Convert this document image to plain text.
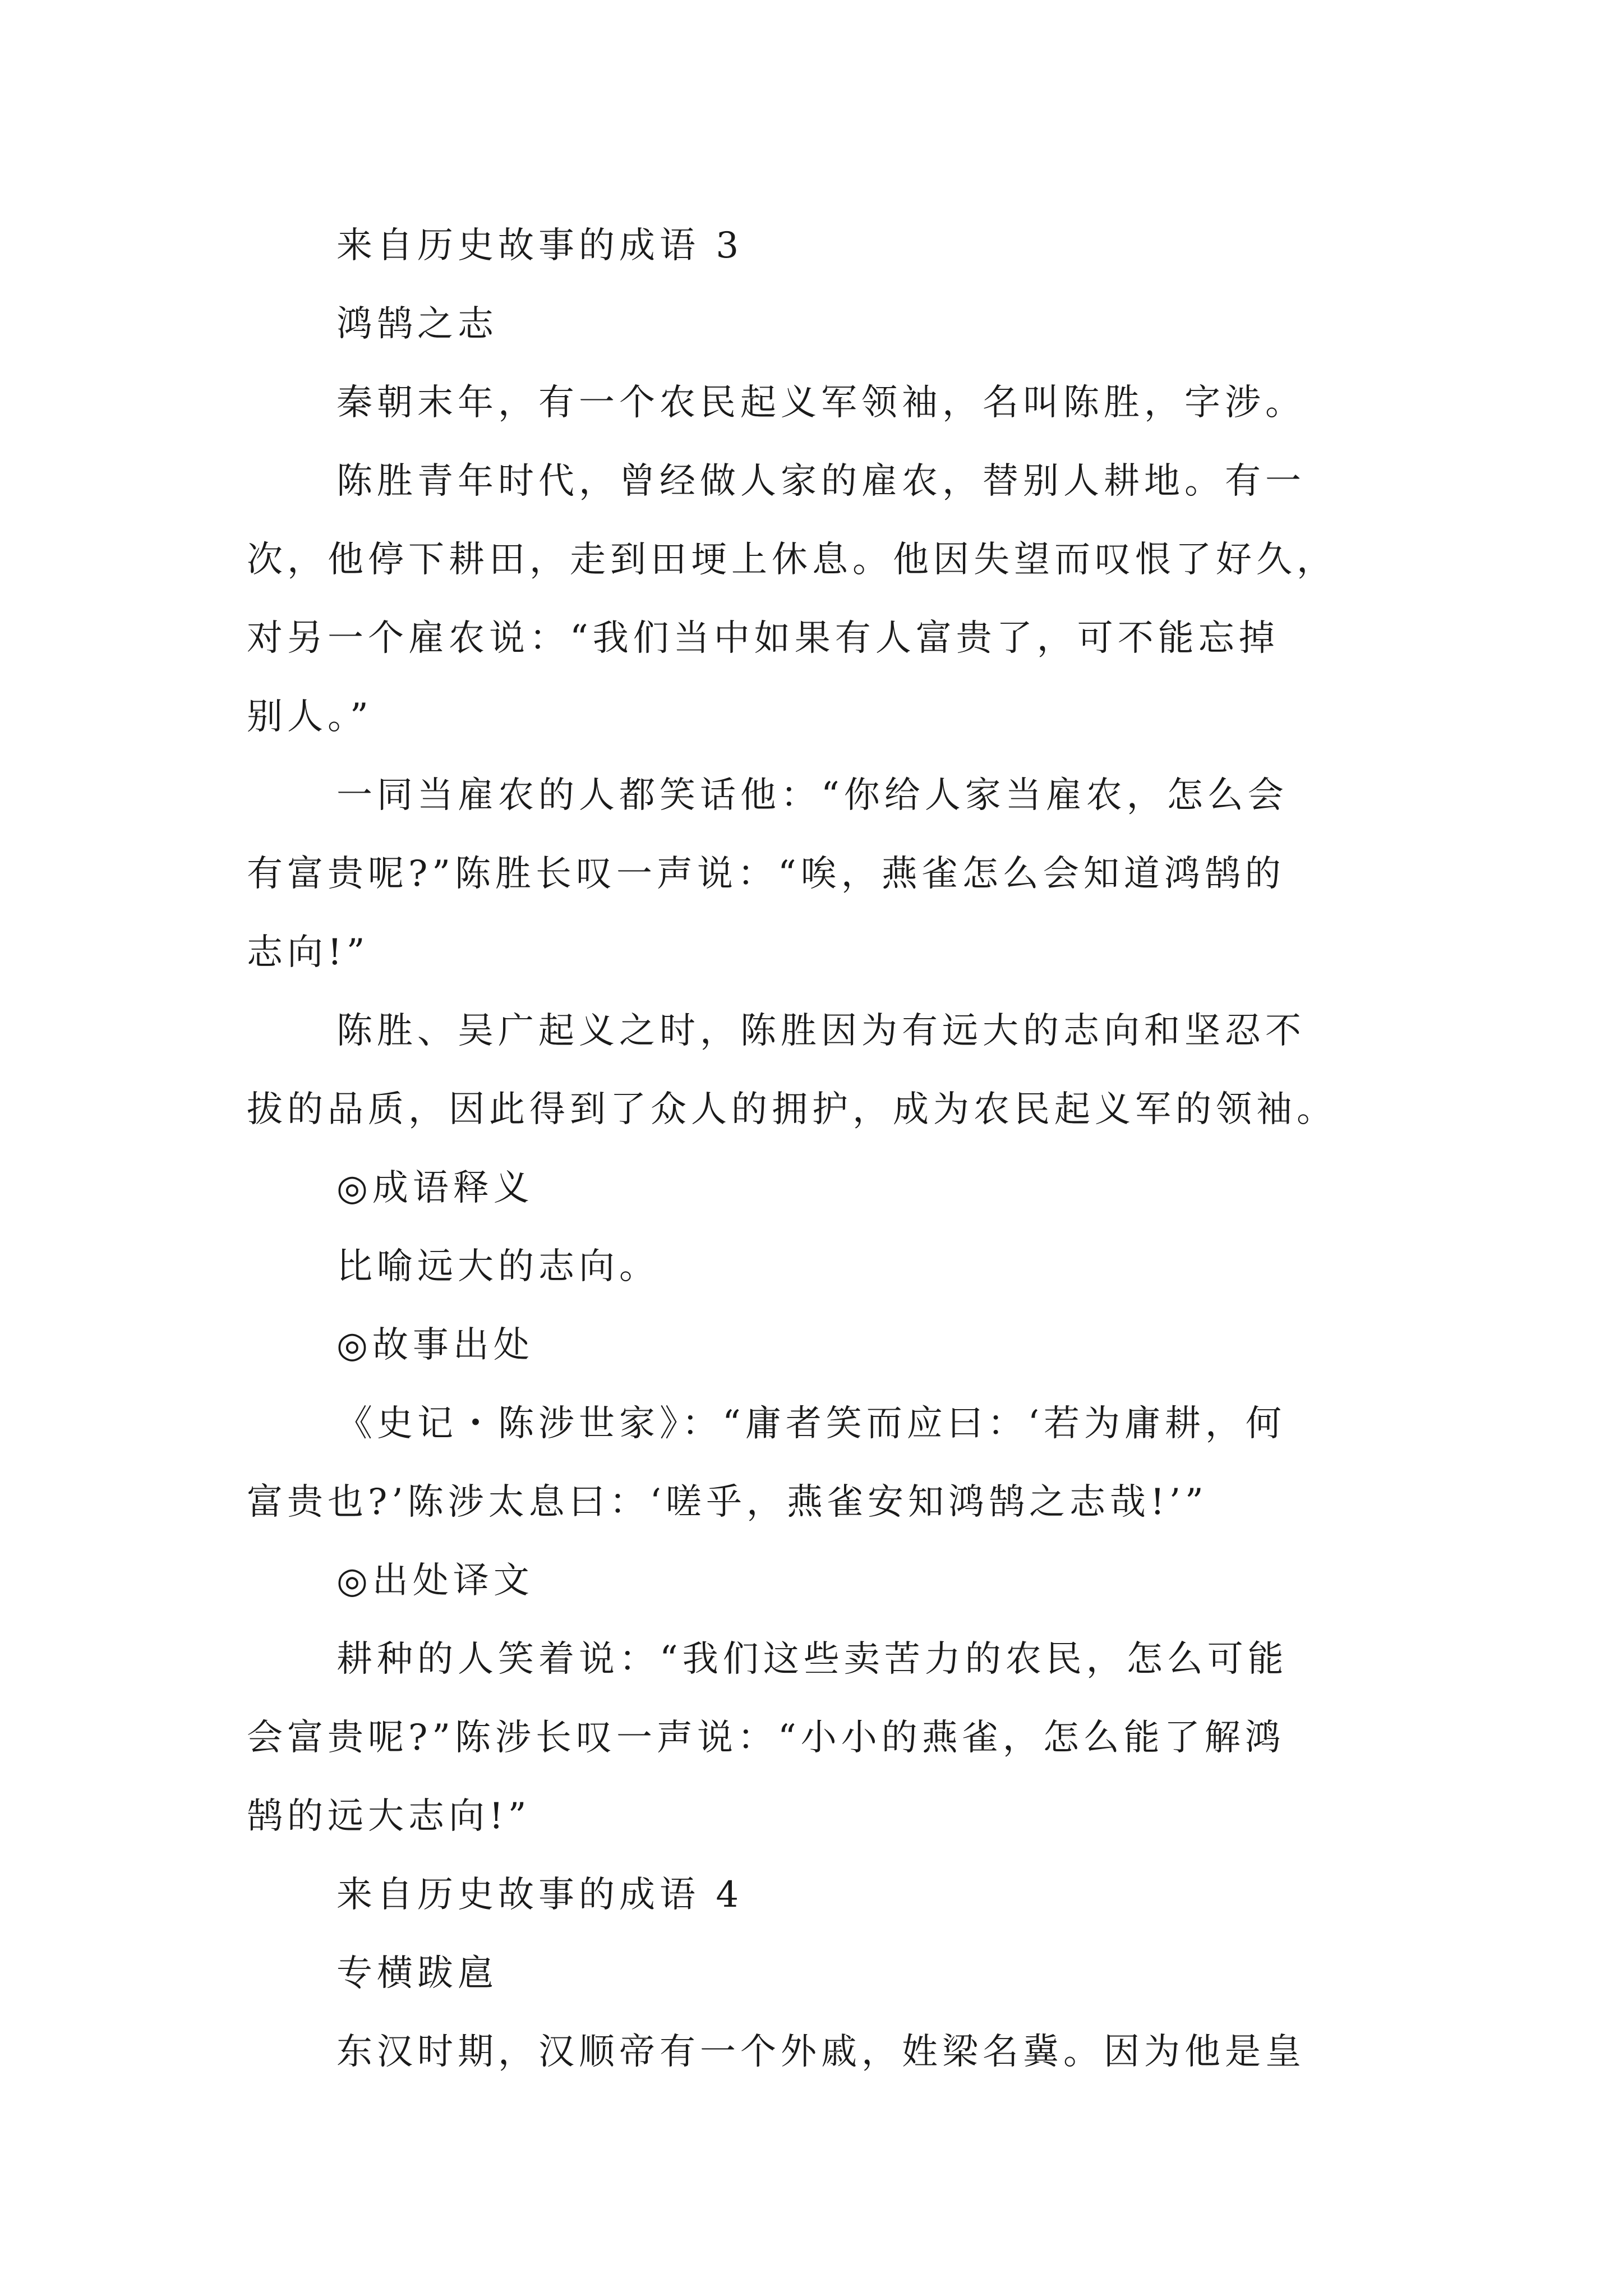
来自历史故事的成语 3
鸿鹄之志
秦朝末年，有一个农民起义军领袖，名叫陈胜，字涉。
陈胜青年时代，曾经做人家的雇农，替别人耕地。有一
次，他停下耕田，走到田埂上休息。他因失望而叹恨了好久，
对另一个雇农说：“我们当中如果有人富贵了，可不能忘掉
别人。”
一同当雇农的人都笑话他：“你给人家当雇农，怎么会
有富贵呢?”陈胜长叹一声说：“唉，燕雀怎么会知道鸿鹄的
志向!”
陈胜、吴广起义之时，陈胜因为有远大的志向和坚忍不
拔的品质，因此得到了众人的拥护，成为农民起义军的领袖。
◎成语释义
比喻远大的志向。
◎故事出处
《史记・陈涉世家》：“庸者笑而应曰：‘若为庸耕，何
富贵也?’陈涉太息曰：‘嗟乎，燕雀安知鸿鹄之志哉!’”
◎出处译文
耕种的人笑着说：“我们这些卖苦力的农民，怎么可能
会富贵呢?”陈涉长叹一声说：“小小的燕雀，怎么能了解鸿
鹄的远大志向!”
来自历史故事的成语 4
专横跋扈
东汉时期，汉顺帝有一个外戚，姓梁名冀。因为他是皇
